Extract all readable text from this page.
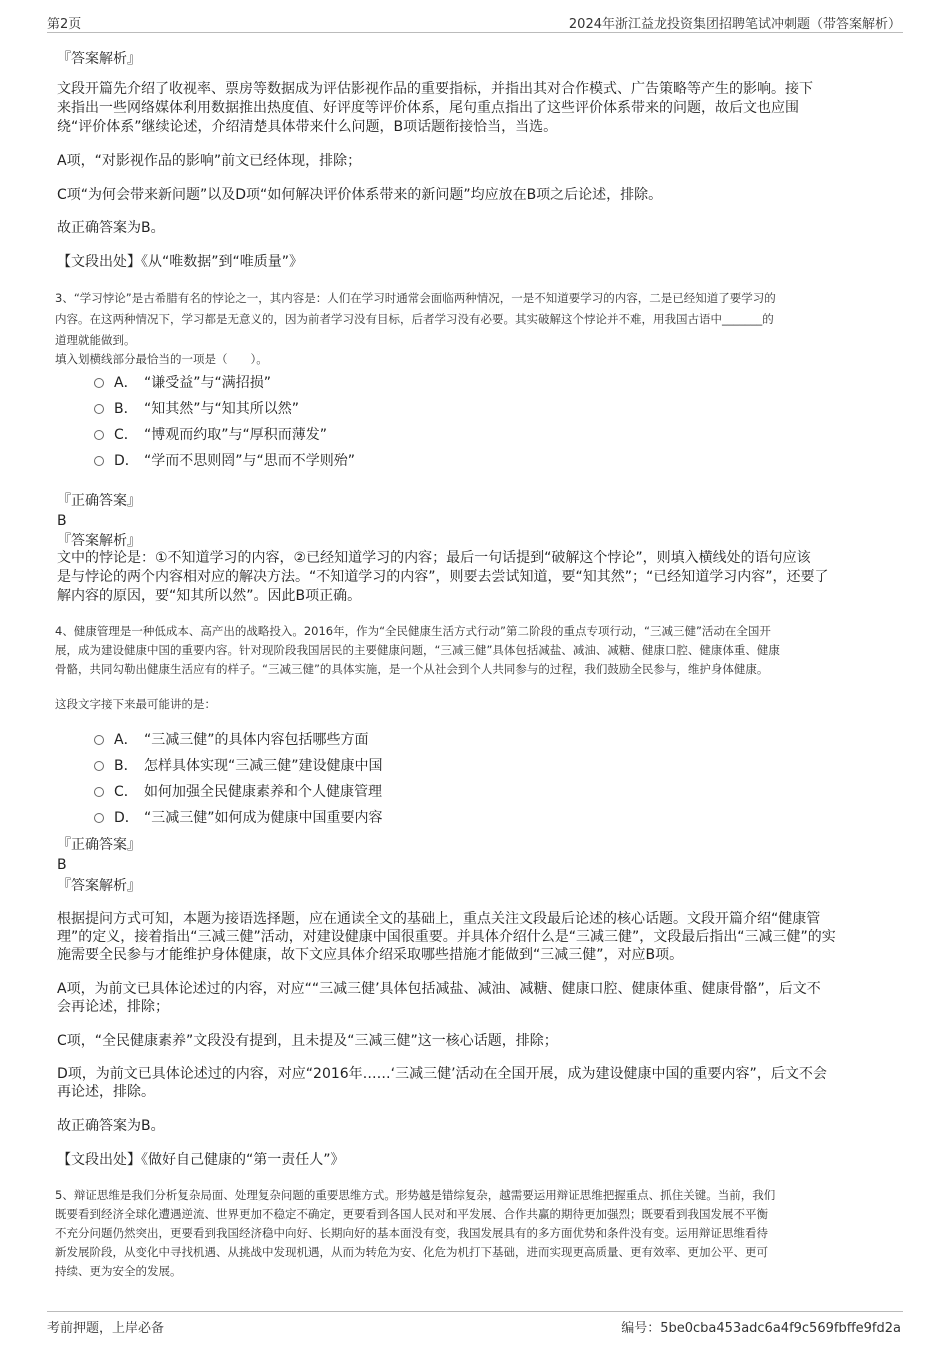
第2页	2024年浙江益龙投资集团招聘笔试冲刺题（带答案解析）

『答案解析』

文段开篇先介绍了收视率、票房等数据成为评估影视作品的重要指标，并指出其对合作模式、广告策略等产生的影响。接下

来指出一些网络媒体利用数据推出热度值、好评度等评价体系，尾句重点指出了这些评价体系带来的问题，故后文也应围

绕“评价体系”继续论述，介绍清楚具体带来什么问题，B项话题衔接恰当，当选。

A项，“对影视作品的影响”前文已经体现，排除；

C项“为何会带来新问题”以及D项“如何解决评价体系带来的新问题”均应放在B项之后论述，排除。

故正确答案为B。

【文段出处】《从“唯数据”到“唯质量”》

3、“学习悖论”是古希腊有名的悖论之一，其内容是：人们在学习时通常会面临两种情况，一是不知道要学习的内容，二是已经知道了要学习的

内容。在这两种情况下，学习都是无意义的，因为前者学习没有目标，后者学习没有必要。其实破解这个悖论并不难，用我国古语中_______的

道理就能做到。

填入划横线部分最恰当的一项是（　　）。

A． “谦受益”与“满招损”
B． “知其然”与“知其所以然”
C． “博观而约取”与“厚积而薄发”
D． “学而不思则罔”与“思而不学则殆”

『正确答案』

B

『答案解析』

文中的悖论是：①不知道学习的内容，②已经知道学习的内容；最后一句话提到“破解这个悖论”，则填入横线处的语句应该

是与悖论的两个内容相对应的解决方法。“不知道学习的内容”，则要去尝试知道，要“知其然”；“已经知道学习内容”，还要了

解内容的原因，要“知其所以然”。因此B项正确。

4、健康管理是一种低成本、高产出的战略投入。2016年，作为“全民健康生活方式行动”第二阶段的重点专项行动，“三减三健”活动在全国开

展，成为建设健康中国的重要内容。针对现阶段我国居民的主要健康问题，“三减三健”具体包括减盐、减油、减糖、健康口腔、健康体重、健康

骨骼，共同勾勒出健康生活应有的样子。“三减三健”的具体实施，是一个从社会到个人共同参与的过程，我们鼓励全民参与，维护身体健康。

这段文字接下来最可能讲的是：

A． “三减三健”的具体内容包括哪些方面
B． 怎样具体实现“三减三健”建设健康中国
C． 如何加强全民健康素养和个人健康管理
D． “三减三健”如何成为健康中国重要内容

『正确答案』

B

『答案解析』

根据提问方式可知，本题为接语选择题，应在通读全文的基础上，重点关注文段最后论述的核心话题。文段开篇介绍“健康管

理”的定义，接着指出“三减三健”活动，对建设健康中国很重要。并具体介绍什么是“三减三健”，文段最后指出“三减三健”的实

施需要全民参与才能维护身体健康，故下文应具体介绍采取哪些措施才能做到“三减三健”，对应B项。

A项，为前文已具体论述过的内容，对应““三减三健’具体包括减盐、减油、减糖、健康口腔、健康体重、健康骨骼”，后文不

会再论述，排除；

C项，“全民健康素养”文段没有提到，且未提及“三减三健”这一核心话题，排除；

D项，为前文已具体论述过的内容，对应“2016年……‘三减三健’活动在全国开展，成为建设健康中国的重要内容”，后文不会

再论述，排除。

故正确答案为B。

【文段出处】《做好自己健康的“第一责任人”》

5、辩证思维是我们分析复杂局面、处理复杂问题的重要思维方式。形势越是错综复杂，越需要运用辩证思维把握重点、抓住关键。当前，我们

既要看到经济全球化遭遇逆流、世界更加不稳定不确定，更要看到各国人民对和平发展、合作共赢的期待更加强烈；既要看到我国发展不平衡

不充分问题仍然突出，更要看到我国经济稳中向好、长期向好的基本面没有变，我国发展具有的多方面优势和条件没有变。运用辩证思维看待

新发展阶段，从变化中寻找机遇、从挑战中发现机遇，从而为转危为安、化危为机打下基础，进而实现更高质量、更有效率、更加公平、更可

持续、更为安全的发展。

考前押题，上岸必备	编号：5be0cba453adc6a4f9c569fbffe9fd2a
